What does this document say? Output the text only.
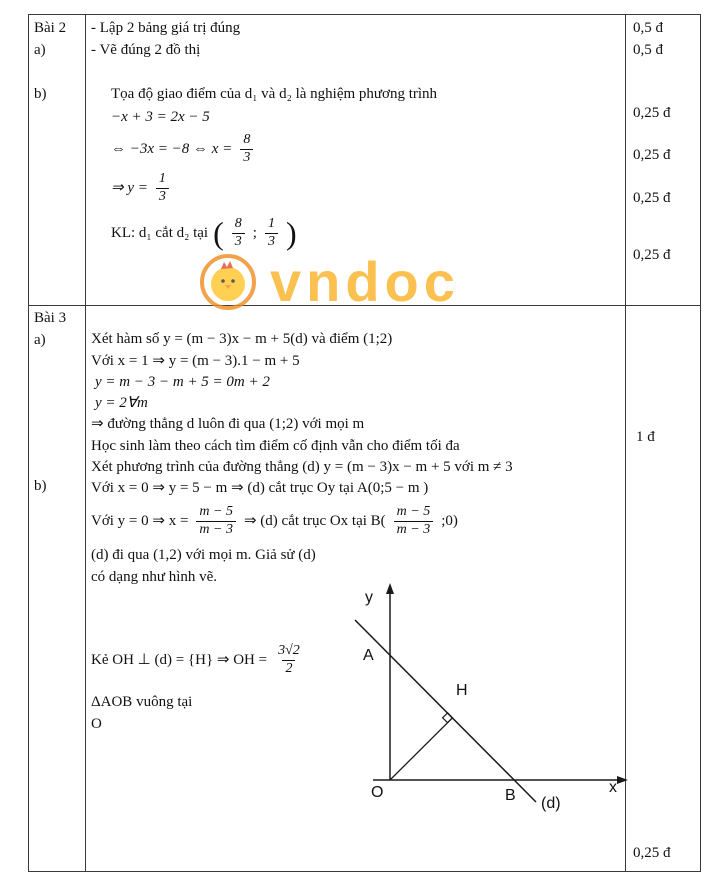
Bài 2
a)
b)
- Lập 2 bảng giá trị đúng
- Vẽ đúng 2 đồ thị
Tọa độ giao điểm của d₁ và d₂ là nghiệm phương trình
−x + 3 = 2x − 5
⇔ −3x = −8 ⇔ $x = \frac{8}{3}$
⇒ $y = \frac{1}{3}$
KL: d₁ cắt d₂ tại ( $\frac{8}{3}$ ; $\frac{1}{3}$ )
0,5 đ
0,5 đ
0,25 đ
0,25 đ
0,25 đ
0,25 đ
vndoc
Bài 3
a)
b)
Xét hàm số y = (m − 3)x − m + 5(d) và điểm (1;2)
Với x = 1 ⇒ y = (m − 3).1 − m + 5
y = m − 3 − m + 5 = 0m + 2
y = 2∀m
⇒ đường thẳng d luôn đi qua (1;2) với mọi m
Học sinh làm theo cách tìm điểm cố định vẫn cho điểm tối đa
Xét phương trình của đường thẳng (d) y = (m − 3)x − m + 5 với m ≠ 3
Với x = 0 ⇒ y = 5 − m ⇒ (d) cắt trục Oy tại A(0;5 − m )
Với y = 0 ⇒ $x = \frac{m - 5}{m - 3}$ ⇒ (d) cắt trục Ox tại $B( \frac{m - 5}{m - 3}$ ;0)
(d) đi qua (1,2) với mọi m. Giả sử (d)
có dạng như hình vẽ.
Kẻ OH ⊥ (d) = {H} ⇒ OH = $\frac{3√2}{2}$
ΔAOB vuông tại
O
1 đ
0,25 đ
y
x
O
A
H
B (d)
